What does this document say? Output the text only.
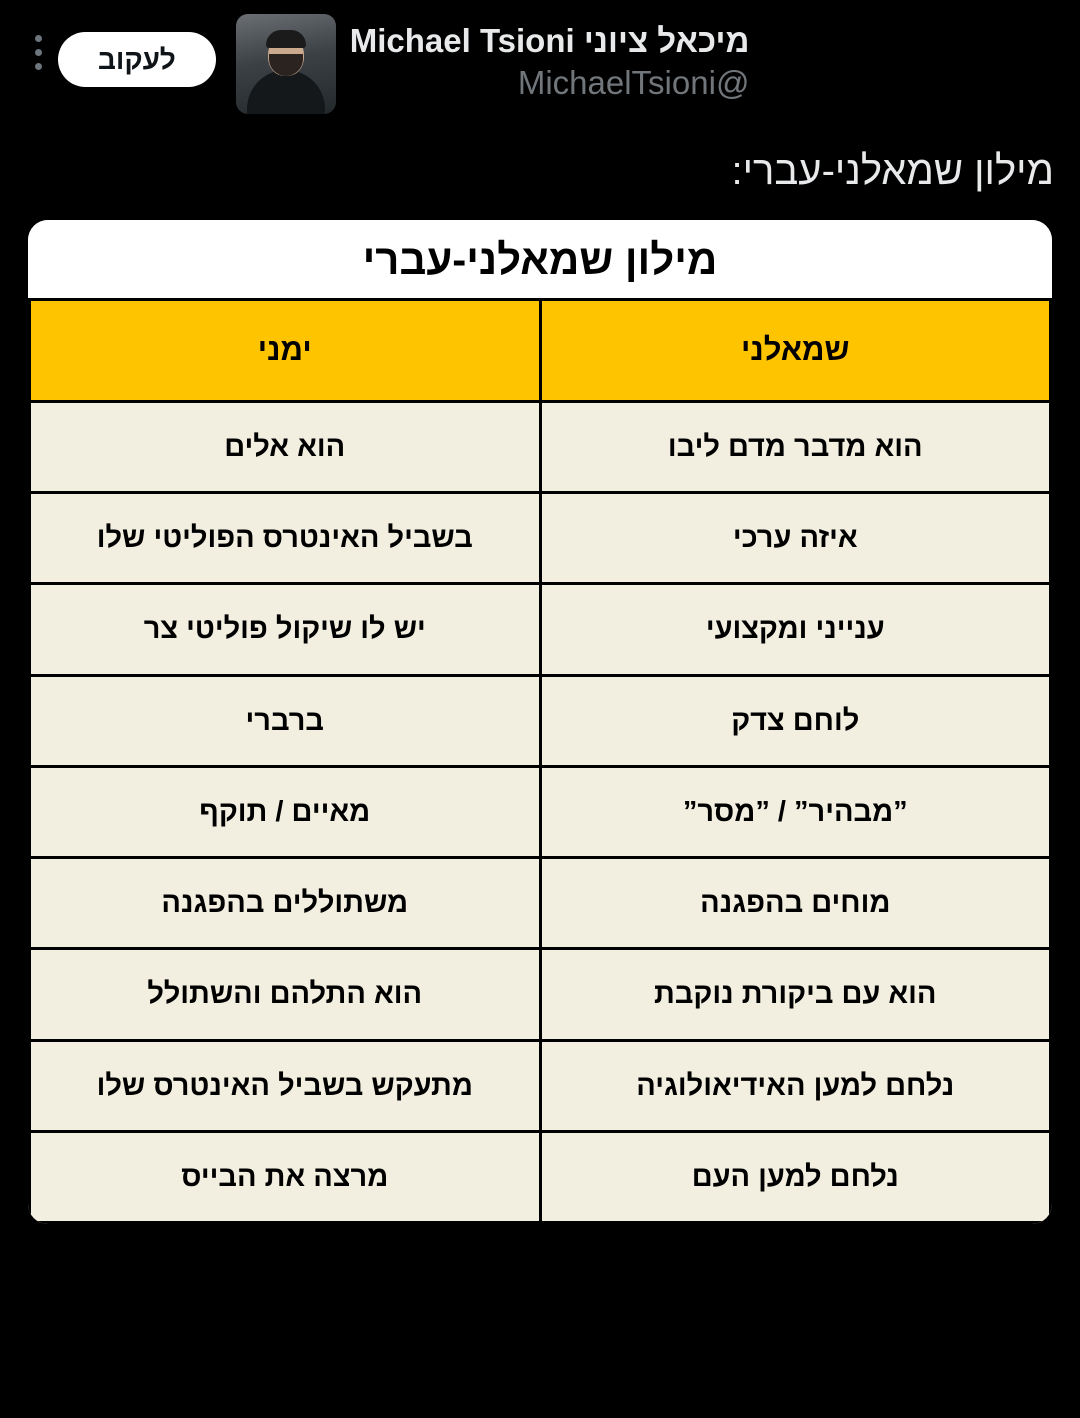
מיכאל ציוני Michael Tsioni
@MichaelTsioni
לעקוב
מילון שמאלני-עברי:
מילון שמאלני-עברי
שמאלני	ימני
הוא מדבר מדם ליבו	הוא אלים
איזה ערכי	בשביל האינטרס הפוליטי שלו
ענייני ומקצועי	יש לו שיקול פוליטי צר
לוחם צדק	ברברי
”מבהיר” / ”מסר”	מאיים / תוקף
מוחים בהפגנה	משתוללים בהפגנה
הוא עם ביקורת נוקבת	הוא התלהם והשתולל
נלחם למען האידיאולוגיה	מתעקש בשביל האינטרס שלו
נלחם למען העם	מרצה את הבייס
